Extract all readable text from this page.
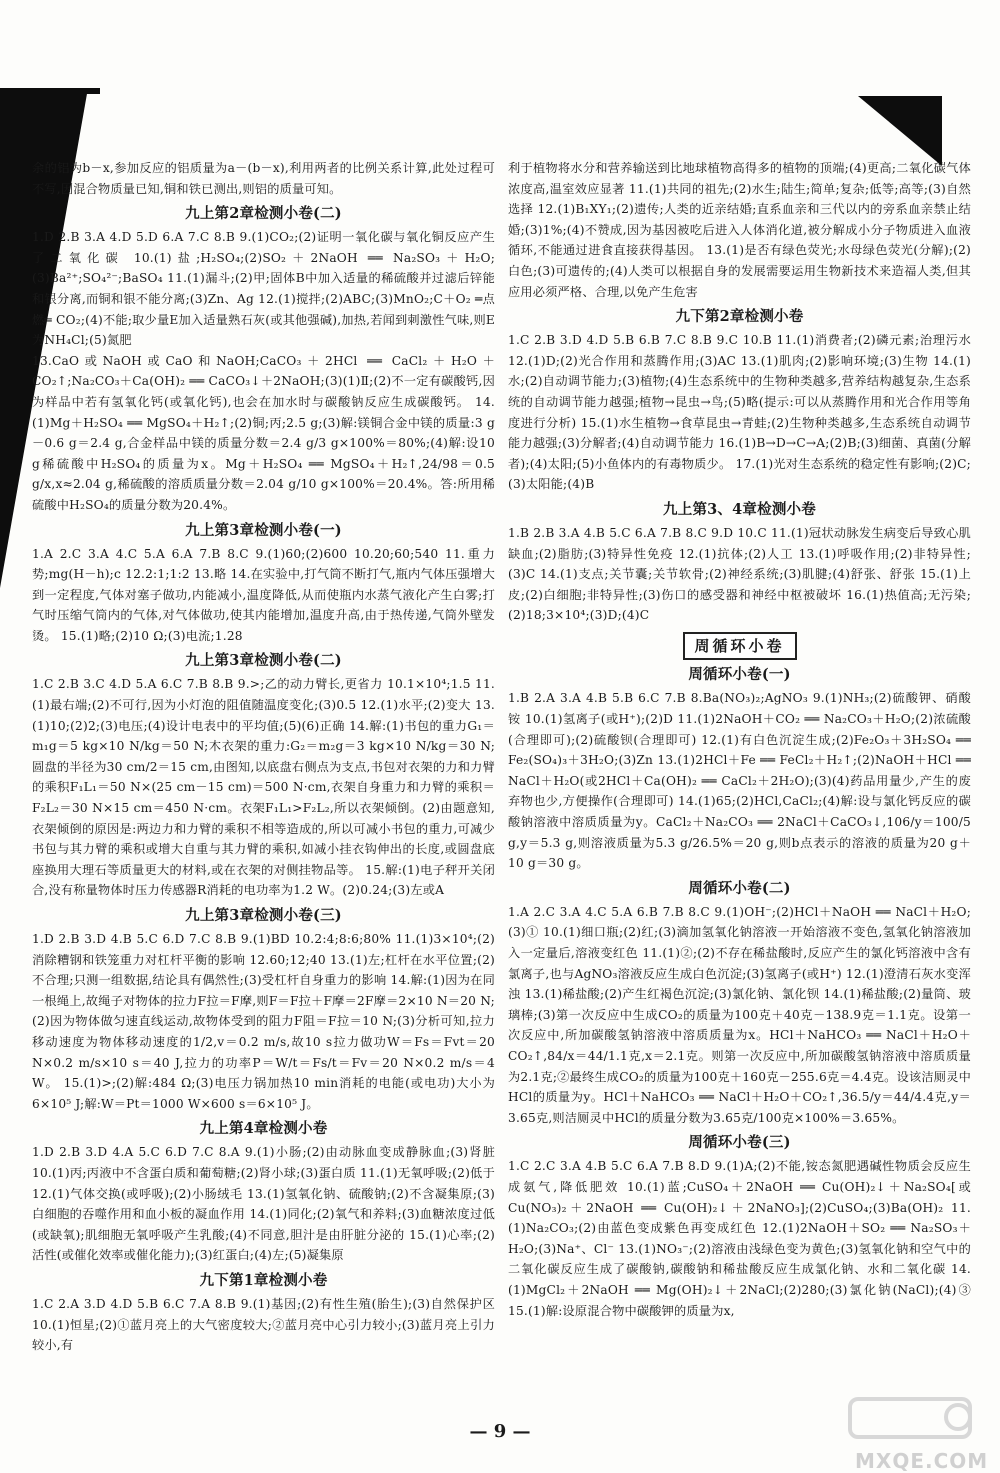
余的铝为b－x,参加反应的铝质量为a－(b－x),利用两者的比例关系计算,此处过程可不写,因混合物质量已知,铜和铁已测出,则铝的质量可知。

九上第2章检测小卷(二)

1.D 2.B 3.A 4.D 5.D 6.A 7.C 8.B 9.(1)CO₂;(2)证明一氧化碳与氧化铜反应产生了二氧化碳 10.(1)盐;H₂SO₄;(2)SO₂＋2NaOH ══ Na₂SO₃＋H₂O;(3)Ba²⁺;SO₄²⁻;BaSO₄ 11.(1)漏斗;(2)甲;固体B中加入适量的稀硫酸并过滤后锌能和银分离,而铜和银不能分离;(3)Zn、Ag 12.(1)搅拌;(2)ABC;(3)MnO₂;C＋O₂ ═点燃═ CO₂;(4)不能;取少量E加入适量熟石灰(或其他强碱),加热,若闻到刺激性气味,则E为NH₄Cl;(5)氮肥

13.CaO或NaOH或CaO和NaOH;CaCO₃＋2HCl ══ CaCl₂＋H₂O＋CO₂↑;Na₂CO₃＋Ca(OH)₂ ══ CaCO₃↓＋2NaOH;(3)(1)Ⅱ;(2)不一定有碳酸钙,因为样品中若有氢氧化钙(或氧化钙),也会在加水时与碳酸钠反应生成碳酸钙。 14.(1)Mg＋H₂SO₄ ══ MgSO₄＋H₂↑;(2)铜;丙;2.5 g;(3)解:镁铜合金中镁的质量:3 g－0.6 g＝2.4 g,合金样品中镁的质量分数＝2.4 g/3 g×100%＝80%;(4)解:设10 g稀硫酸中H₂SO₄的质量为x。Mg＋H₂SO₄ ══ MgSO₄＋H₂↑,24/98＝0.5 g/x,x≈2.04 g,稀硫酸的溶质质量分数＝2.04 g/10 g×100%＝20.4%。答:所用稀硫酸中H₂SO₄的质量分数为20.4%。

九上第3章检测小卷(一)

1.A 2.C 3.A 4.C 5.A 6.A 7.B 8.C 9.(1)60;(2)600 10.20;60;540 11.重力势;mg(H－h);c 12.2:1;1:2 13.略 14.在实验中,打气筒不断打气,瓶内气体压强增大到一定程度,气体对塞子做功,内能减小,温度降低,从而使瓶内水蒸气液化产生白雾;打气时压缩气筒内的气体,对气体做功,使其内能增加,温度升高,由于热传递,气筒外壁发烫。 15.(1)略;(2)10 Ω;(3)电流;1.28

九上第3章检测小卷(二)

1.C 2.B 3.C 4.D 5.A 6.C 7.B 8.B 9.>;乙的动力臂长,更省力 10.1×10⁴;1.5 11.(1)最右端;(2)不可行,因为小灯泡的阻值随温度变化;(3)0.5 12.(1)水平;(2)变大 13.(1)10;(2)2;(3)电压;(4)设计电表中的平均值;(5)(6)正确 14.解:(1)书包的重力G₁＝m₁g＝5 kg×10 N/kg＝50 N;木衣架的重力:G₂＝m₂g＝3 kg×10 N/kg＝30 N;圆盘的半径为30 cm/2＝15 cm,由图知,以底盘右侧点为支点,书包对衣架的力和力臂的乘积F₁L₁＝50 N×(25 cm－15 cm)＝500 N·cm,衣架自身重力和力臂的乘积＝F₂L₂＝30 N×15 cm＝450 N·cm。衣架F₁L₁>F₂L₂,所以衣架倾倒。(2)由题意知,衣架倾倒的原因是:两边力和力臂的乘积不相等造成的,所以可减小书包的重力,可减少书包与其力臂的乘积或增大自重与其力臂的乘积,如减小挂衣钩伸出的长度,或圆盘底座换用大理石等质量更大的材料,或在衣架的对侧挂物品等。 15.解:(1)电子秤开关闭合,没有称量物体时压力传感器R消耗的电功率为1.2 W。(2)0.24;(3)左或A

九上第3章检测小卷(三)

1.D 2.B 3.D 4.B 5.C 6.D 7.C 8.B 9.(1)BD 10.2:4;8:6;80% 11.(1)3×10⁴;(2)消除糟钢和铁笼重力对杠杆平衡的影响 12.60;12;40 13.(1)左;杠杆在水平位置;(2)不合理;只测一组数据,结论具有偶然性;(3)受杠杆自身重力的影响 14.解:(1)因为在同一根绳上,故绳子对物体的拉力F拉＝F摩,则F＝F拉＋F摩＝2F摩＝2×10 N＝20 N;(2)因为物体做匀速直线运动,故物体受到的阻力F阻＝F拉＝10 N;(3)分析可知,拉力移动速度为物体移动速度的1/2,v＝0.2 m/s,故10 s拉力做功W＝Fs＝Fvt＝20 N×0.2 m/s×10 s＝40 J,拉力的功率P＝W/t＝Fs/t＝Fv＝20 N×0.2 m/s＝4 W。 15.(1)>;(2)解:484 Ω;(3)电压力锅加热10 min消耗的电能(或电功)大小为6×10⁵ J;解:W＝Pt＝1000 W×600 s＝6×10⁵ J。

九上第4章检测小卷

1.D 2.B 3.D 4.A 5.C 6.D 7.C 8.A 9.(1)小肠;(2)由动脉血变成静脉血;(3)肾脏 10.(1)丙;丙液中不含蛋白质和葡萄糖;(2)肾小球;(3)蛋白质 11.(1)无氧呼吸;(2)低于 12.(1)气体交换(或呼吸);(2)小肠绒毛 13.(1)氢氧化钠、硫酸钠;(2)不含凝集原;(3)白细胞的吞噬作用和血小板的凝血作用 14.(1)同化;(2)氧气和养料;(3)血糖浓度过低(或缺氧);肌细胞无氧呼吸产生乳酸;(4)不同意,胆汁是由肝脏分泌的 15.(1)心率;(2)活性(或催化效率或催化能力);(3)红蛋白;(4)左;(5)凝集原

九下第1章检测小卷

1.C 2.A 3.D 4.D 5.B 6.C 7.A 8.B 9.(1)基因;(2)有性生殖(胎生);(3)自然保护区 10.(1)恒星;(2)①蓝月亮上的大气密度较大;②蓝月亮中心引力较小;(3)蓝月亮上引力较小,有

利于植物将水分和营养输送到比地球植物高得多的植物的顶端;(4)更高;二氧化碳气体浓度高,温室效应显著 11.(1)共同的祖先;(2)水生;陆生;简单;复杂;低等;高等;(3)自然选择 12.(1)B₁XY₁;(2)遗传;人类的近亲结婚;直系血亲和三代以内的旁系血亲禁止结婚;(3)1%;(4)不赞成,因为基因被吃后进入人体消化道,被分解成小分子物质进入血液循环,不能通过进食直接获得基因。 13.(1)是否有绿色荧光;水母绿色荧光(分解);(2)白色;(3)可遗传的;(4)人类可以根据自身的发展需要运用生物新技术来造福人类,但其应用必须严格、合理,以免产生危害

九下第2章检测小卷

1.C 2.B 3.D 4.D 5.B 6.B 7.C 8.B 9.C 10.B 11.(1)消费者;(2)磷元素;治理污水 12.(1)D;(2)光合作用和蒸腾作用;(3)AC 13.(1)肌肉;(2)影响环境;(3)生物 14.(1)水;(2)自动调节能力;(3)植物;(4)生态系统中的生物种类越多,营养结构越复杂,生态系统的自动调节能力越强;植物→昆虫→鸟;(5)略(提示:可以从蒸腾作用和光合作用等角度进行分析) 15.(1)水生植物→食草昆虫→青蛙;(2)生物种类越多,生态系统自动调节能力越强;(3)分解者;(4)自动调节能力 16.(1)B→D→C→A;(2)B;(3)细菌、真菌(分解者);(4)太阳;(5)小鱼体内的有毒物质少。 17.(1)光对生态系统的稳定性有影响;(2)C;(3)太阳能;(4)B

九上第3、4章检测小卷

1.B 2.B 3.A 4.B 5.C 6.A 7.B 8.C 9.D 10.C 11.(1)冠状动脉发生病变后导致心肌缺血;(2)脂肪;(3)特异性免疫 12.(1)抗体;(2)人工 13.(1)呼吸作用;(2)非特异性;(3)C 14.(1)支点;关节囊;关节软骨;(2)神经系统;(3)肌腱;(4)舒张、舒张 15.(1)上皮;(2)白细胞;非特异性;(3)伤口的感受器和神经中枢被破坏 16.(1)热值高;无污染;(2)18;3×10⁴;(3)D;(4)C

周循环小卷
周循环小卷(一)

1.B 2.A 3.A 4.B 5.B 6.C 7.B 8.Ba(NO₃)₂;AgNO₃ 9.(1)NH₃;(2)硫酸钾、硝酸铵 10.(1)氢离子(或H⁺);(2)D 11.(1)2NaOH＋CO₂ ══ Na₂CO₃＋H₂O;(2)浓硫酸(合理即可);(2)硫酸钡(合理即可) 12.(1)有白色沉淀生成;(2)Fe₂O₃＋3H₂SO₄ ══ Fe₂(SO₄)₃＋3H₂O;(3)Zn 13.(1)2HCl＋Fe ══ FeCl₂＋H₂↑;(2)NaOH＋HCl ══ NaCl＋H₂O(或2HCl＋Ca(OH)₂ ══ CaCl₂＋2H₂O);(3)(4)药品用量少,产生的废弃物也少,方便操作(合理即可) 14.(1)65;(2)HCl,CaCl₂;(4)解:设与氯化钙反应的碳酸钠溶液中溶质质量为y。CaCl₂＋Na₂CO₃ ══ 2NaCl＋CaCO₃↓,106/y＝100/5 g,y＝5.3 g,则溶液质量为5.3 g/26.5%＝20 g,则b点表示的溶液的质量为20 g＋10 g＝30 g。

周循环小卷(二)

1.A 2.C 3.A 4.C 5.A 6.B 7.B 8.C 9.(1)OH⁻;(2)HCl＋NaOH ══ NaCl＋H₂O;(3)① 10.(1)细口瓶;(2)红;(3)滴加氢氧化钠溶液一开始溶液不变色,氢氧化钠溶液加入一定量后,溶液变红色 11.(1)②;(2)不存在稀盐酸时,反应产生的氯化钙溶液中含有氯离子,也与AgNO₃溶液反应生成白色沉淀;(3)氢离子(或H⁺) 12.(1)澄清石灰水变浑浊 13.(1)稀盐酸;(2)产生红褐色沉淀;(3)氯化钠、氯化钡 14.(1)稀盐酸;(2)量筒、玻璃棒;(3)第一次反应中生成CO₂的质量为100克＋40克－138.9克＝1.1克。设第一次反应中,所加碳酸氢钠溶液中溶质质量为x。HCl＋NaHCO₃ ══ NaCl＋H₂O＋CO₂↑,84/x＝44/1.1克,x＝2.1克。则第一次反应中,所加碳酸氢钠溶液中溶质质量为2.1克;②最终生成CO₂的质量为100克＋160克－255.6克＝4.4克。设该洁厕灵中HCl的质量为y。HCl＋NaHCO₃ ══ NaCl＋H₂O＋CO₂↑,36.5/y＝44/4.4克,y＝3.65克,则洁厕灵中HCl的质量分数为3.65克/100克×100%＝3.65%。

周循环小卷(三)

1.C 2.C 3.A 4.B 5.C 6.A 7.B 8.D 9.(1)A;(2)不能,铵态氮肥遇碱性物质会反应生成氨气,降低肥效 10.(1)蓝;CuSO₄＋2NaOH ══ Cu(OH)₂↓＋Na₂SO₄[或Cu(NO₃)₂＋2NaOH ══ Cu(OH)₂↓＋2NaNO₃];(2)CuSO₄;(3)Ba(OH)₂ 11.(1)Na₂CO₃;(2)由蓝色变成紫色再变成红色 12.(1)2NaOH＋SO₂ ══ Na₂SO₃＋H₂O;(3)Na⁺、Cl⁻ 13.(1)NO₃⁻;(2)溶液由浅绿色变为黄色;(3)氢氧化钠和空气中的二氧化碳反应生成了碳酸钠,碳酸钠和稀盐酸反应生成氯化钠、水和二氧化碳 14.(1)MgCl₂＋2NaOH ══ Mg(OH)₂↓＋2NaCl;(2)280;(3)氯化钠(NaCl);(4)③ 15.(1)解:设原混合物中碳酸钾的质量为x,

— 9 —
MXQE.COM
